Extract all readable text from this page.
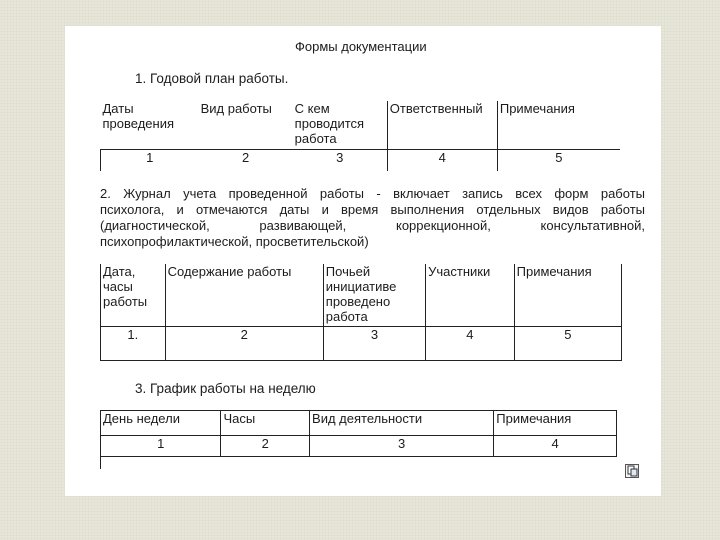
Формы документации
1. Годовой план работы.
Даты проведения	Вид работы	С кем проводится работа	Ответственный	Примечания
1	2	3	4	5
2. Журнал учета проведенной работы - включает запись всех форм работы
психолога, и отмечаются даты и время выполнения отдельных видов работы
(диагностической, развивающей, коррекционной, консультативной,
психопрофилактической, просветительской)
Дата, часы работы	Содержание работы	Почьей инициативе проведено работа	Участники	Примечания
1.	2	3	4	5
3. График работы на неделю
День недели	Часы	Вид деятельности	Примечания
1	2	3	4
